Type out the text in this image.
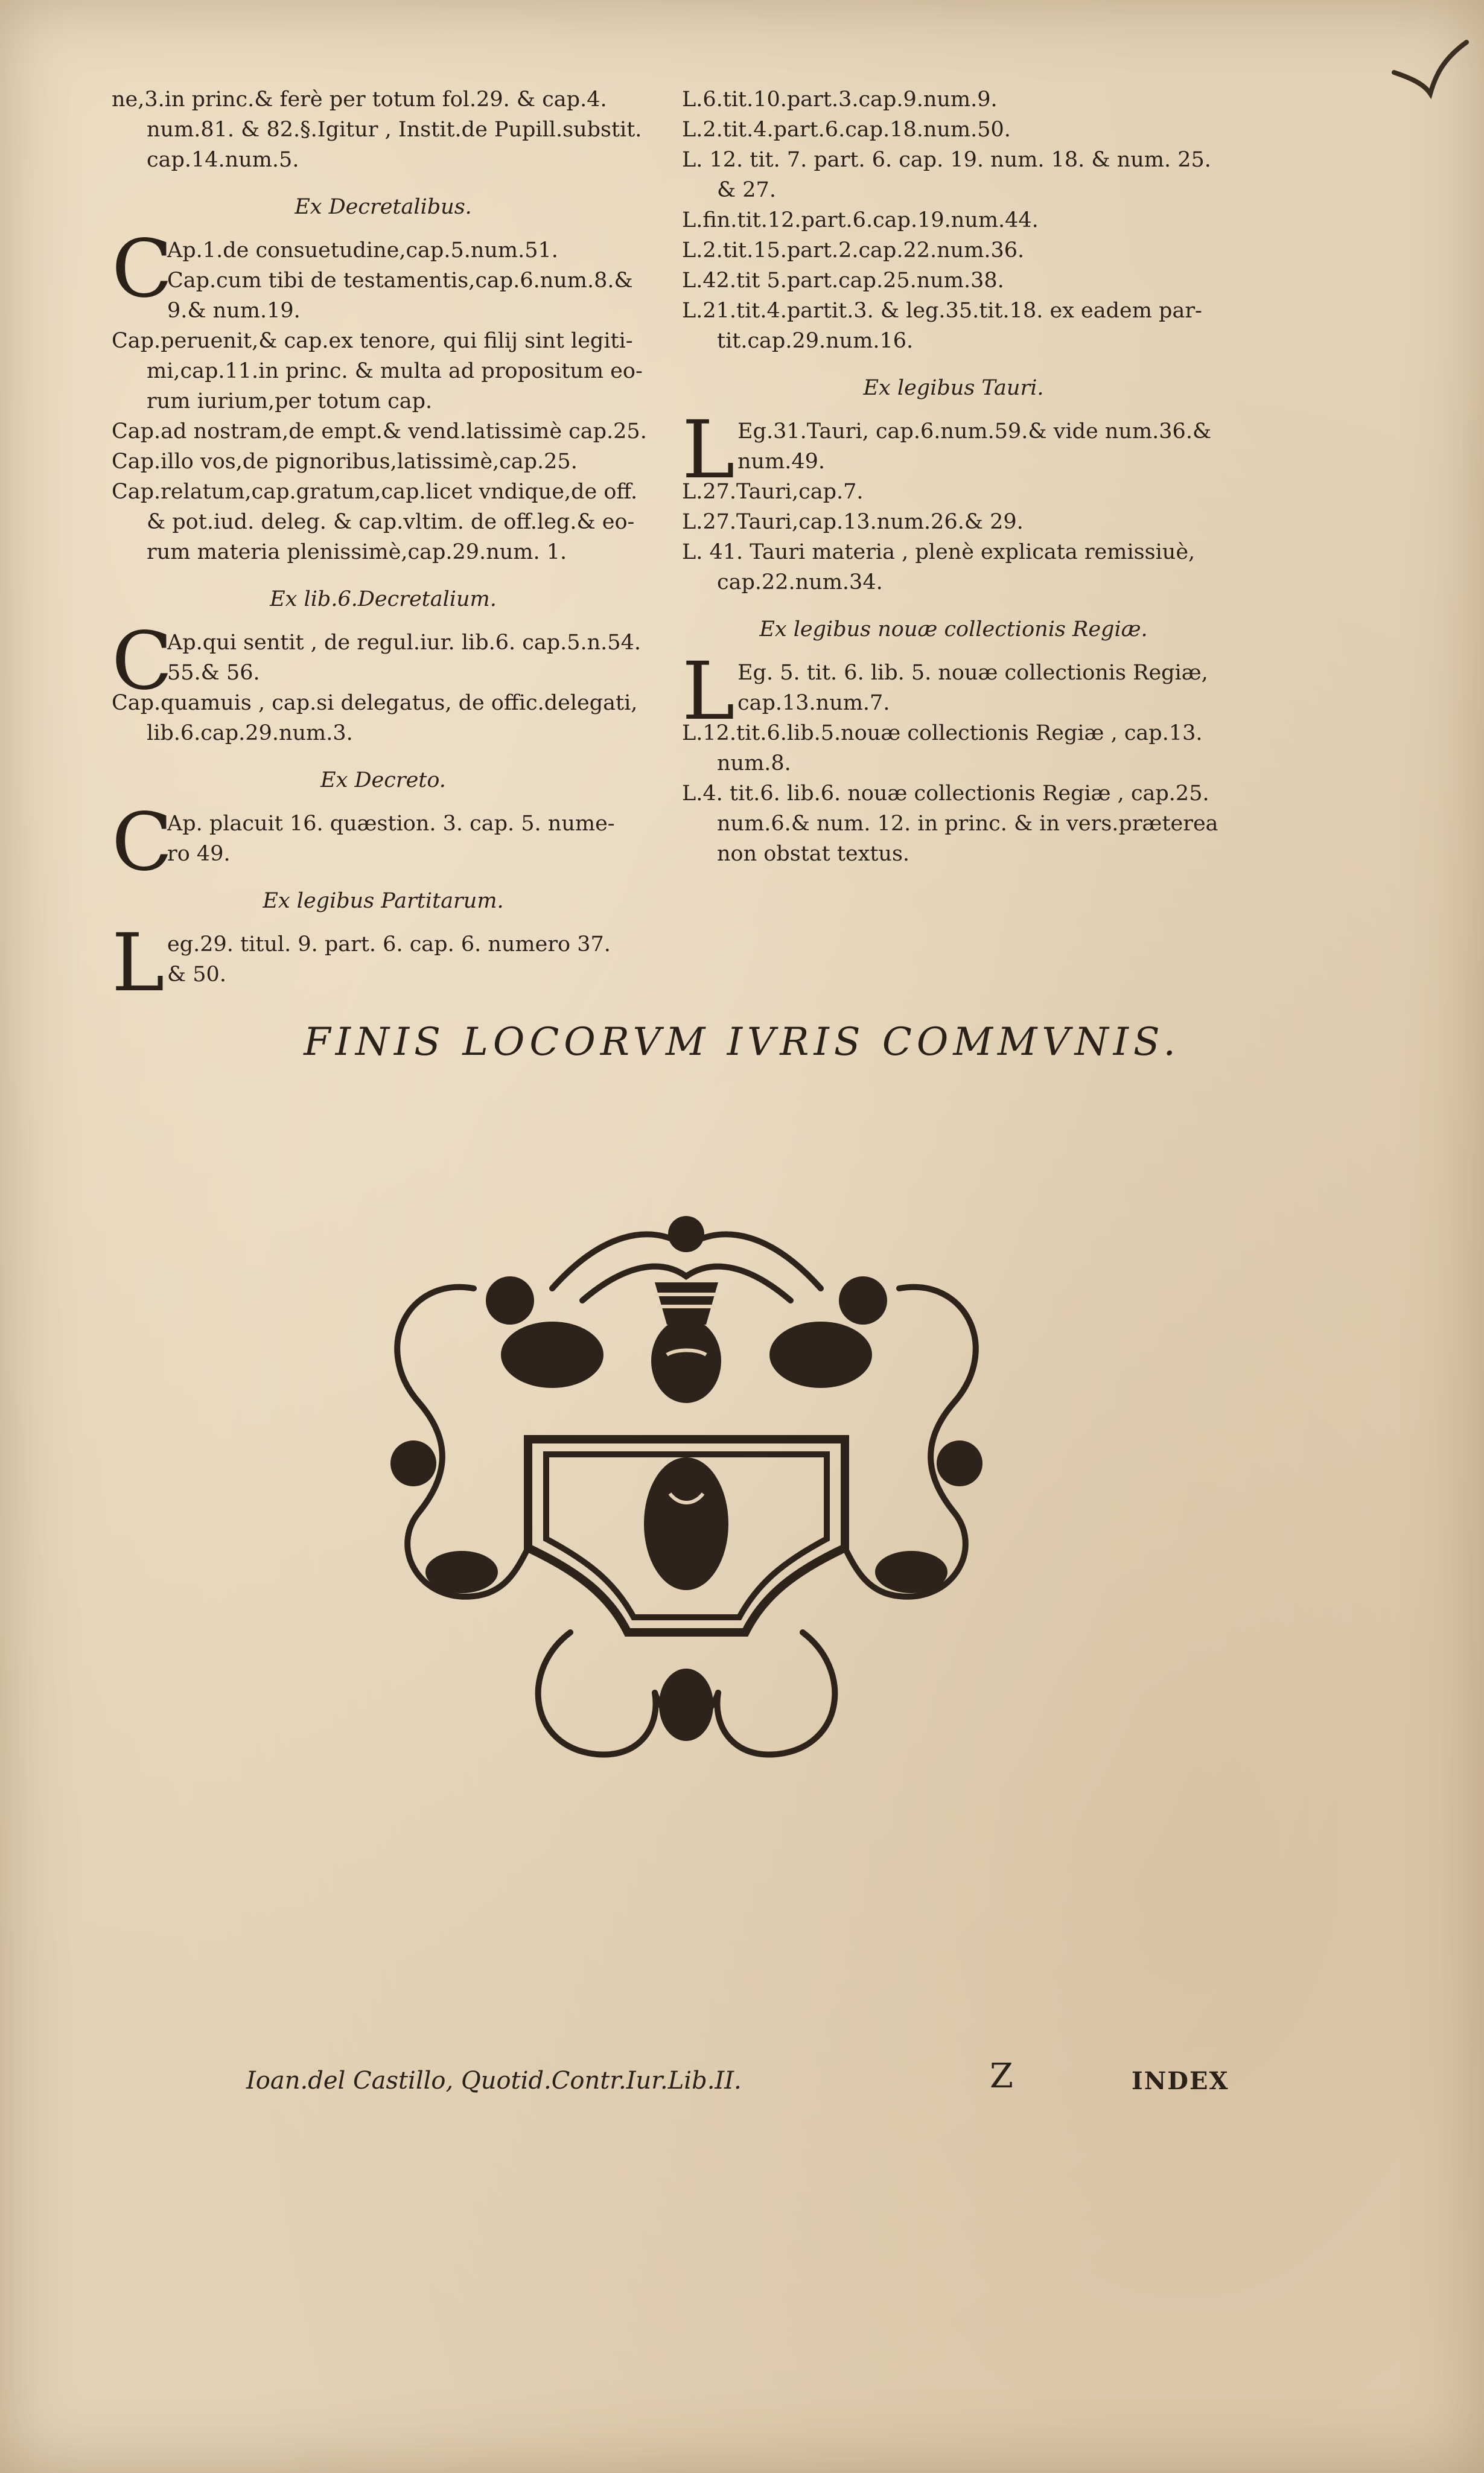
ne,3.in princ.& ferè per totum fol.29. & cap.4.
num.81. & 82.§.Igitur , Instit.de Pupill.substit.
cap.14.num.5.
Ex Decretalibus.
C
Ap.1.de consuetudine,cap.5.num.51.
Cap.cum tibi de testamentis,cap.6.num.8.&
9.& num.19.
Cap.peruenit,& cap.ex tenore, qui filij sint legiti-
mi,cap.11.in princ. & multa ad propositum eo-
rum iurium,per totum cap.
Cap.ad nostram,de empt.& vend.latissimè cap.25.
Cap.illo vos,de pignoribus,latissimè,cap.25.
Cap.relatum,cap.gratum,cap.licet vndique,de off.
& pot.iud. deleg. & cap.vltim. de off.leg.& eo-
rum materia plenissimè,cap.29.num. 1.
Ex lib.6.Decretalium.
C
Ap.qui sentit , de regul.iur. lib.6. cap.5.n.54.
55.& 56.
Cap.quamuis , cap.si delegatus, de offic.delegati,
lib.6.cap.29.num.3.
Ex Decreto.
C
Ap. placuit 16. quæstion. 3. cap. 5. nume-
ro 49.
Ex legibus Partitarum.
L eg.29. titul. 9. part. 6. cap. 6. numero 37.
& 50.
L.6.tit.10.part.3.cap.9.num.9.
L.2.tit.4.part.6.cap.18.num.50.
L. 12. tit. 7. part. 6. cap. 19. num. 18. & num. 25.
& 27.
L.fin.tit.12.part.6.cap.19.num.44.
L.2.tit.15.part.2.cap.22.num.36.
L.42.tit 5.part.cap.25.num.38.
L.21.tit.4.partit.3. & leg.35.tit.18. ex eadem par-
tit.cap.29.num.16.
Ex legibus Tauri.
L Eg.31.Tauri, cap.6.num.59.& vide num.36.&
num.49.
L.27.Tauri,cap.7.
L.27.Tauri,cap.13.num.26.& 29.
L. 41. Tauri materia , plenè explicata remissiuè,
cap.22.num.34.
Ex legibus nouæ collectionis Regiæ.
L Eg. 5. tit. 6. lib. 5. nouæ collectionis Regiæ,
cap.13.num.7.
L.12.tit.6.lib.5.nouæ collectionis Regiæ , cap.13.
num.8.
L.4. tit.6. lib.6. nouæ collectionis Regiæ , cap.25.
num.6.& num. 12. in princ. & in vers.præterea
non obstat textus.
FINIS LOCORVM IVRIS COMMVNIS.
Ioan.del Castillo, Quotid.Contr.Iur.Lib.II.	Z	INDEX
